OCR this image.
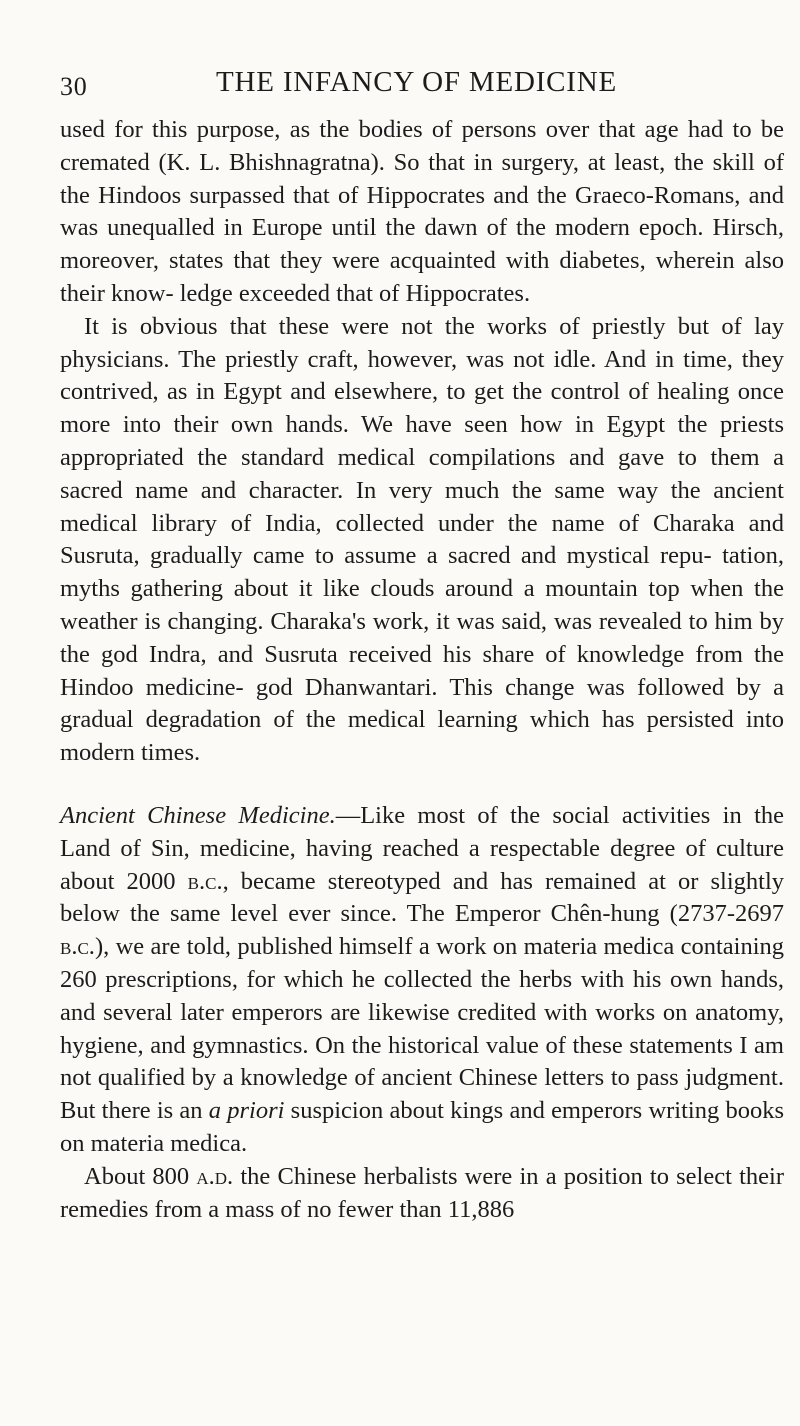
30	THE INFANCY OF MEDICINE

used for this purpose, as the bodies of persons over that age had to be cremated (K. L. Bhishnagratna). So that in surgery, at least, the skill of the Hindoos surpassed that of Hippocrates and the Graeco-Romans, and was unequalled in Europe until the dawn of the modern epoch. Hirsch, moreover, states that they were acquainted with diabetes, wherein also their know- ledge exceeded that of Hippocrates.

It is obvious that these were not the works of priestly but of lay physicians. The priestly craft, however, was not idle. And in time, they contrived, as in Egypt and elsewhere, to get the control of healing once more into their own hands. We have seen how in Egypt the priests appropriated the standard medical compilations and gave to them a sacred name and character. In very much the same way the ancient medical library of India, collected under the name of Charaka and Susruta, gradually came to assume a sacred and mystical repu- tation, myths gathering about it like clouds around a mountain top when the weather is changing. Charaka's work, it was said, was revealed to him by the god Indra, and Susruta received his share of knowledge from the Hindoo medicine- god Dhanwantari. This change was followed by a gradual degradation of the medical learning which has persisted into modern times.

Ancient Chinese Medicine.—Like most of the social activities in the Land of Sin, medicine, having reached a respectable degree of culture about 2000 b.c., became stereotyped and has remained at or slightly below the same level ever since. The Emperor Chên-hung (2737-2697 b.c.), we are told, published himself a work on materia medica containing 260 prescriptions, for which he collected the herbs with his own hands, and several later emperors are likewise credited with works on anatomy, hygiene, and gymnastics. On the historical value of these statements I am not qualified by a knowledge of ancient Chinese letters to pass judgment. But there is an a priori suspicion about kings and emperors writing books on materia medica.

About 800 a.d. the Chinese herbalists were in a position to select their remedies from a mass of no fewer than 11,886
